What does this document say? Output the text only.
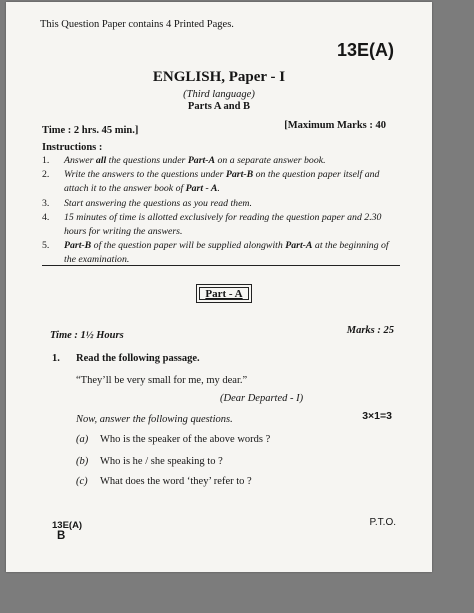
This Question Paper contains 4 Printed Pages.
13E(A)
ENGLISH, Paper - I
(Third language)
Parts A and B
Time : 2 hrs. 45 min.]	[Maximum Marks : 40
Instructions :
1.	Answer all the questions under Part-A on a separate answer book.
2.	Write the answers to the questions under Part-B on the question paper itself and attach it to the answer book of Part - A.
3.	Start answering the questions as you read them.
4.	15 minutes of time is allotted exclusively for reading the question paper and 2.30 hours for writing the answers.
5.	Part-B of the question paper will be supplied alongwith Part-A at the beginning of the examination.
Part - A
Time : 1½ Hours	Marks : 25
1. Read the following passage.
“They’ll be very small for me, my dear.”
(Dear Departed - I)
Now, answer the following questions.	3×1=3
(a) Who is the speaker of the above words ?
(b) Who is he / she speaking to ?
(c) What does the word ‘they’ refer to ?
13E(A)
B
P.T.O.
